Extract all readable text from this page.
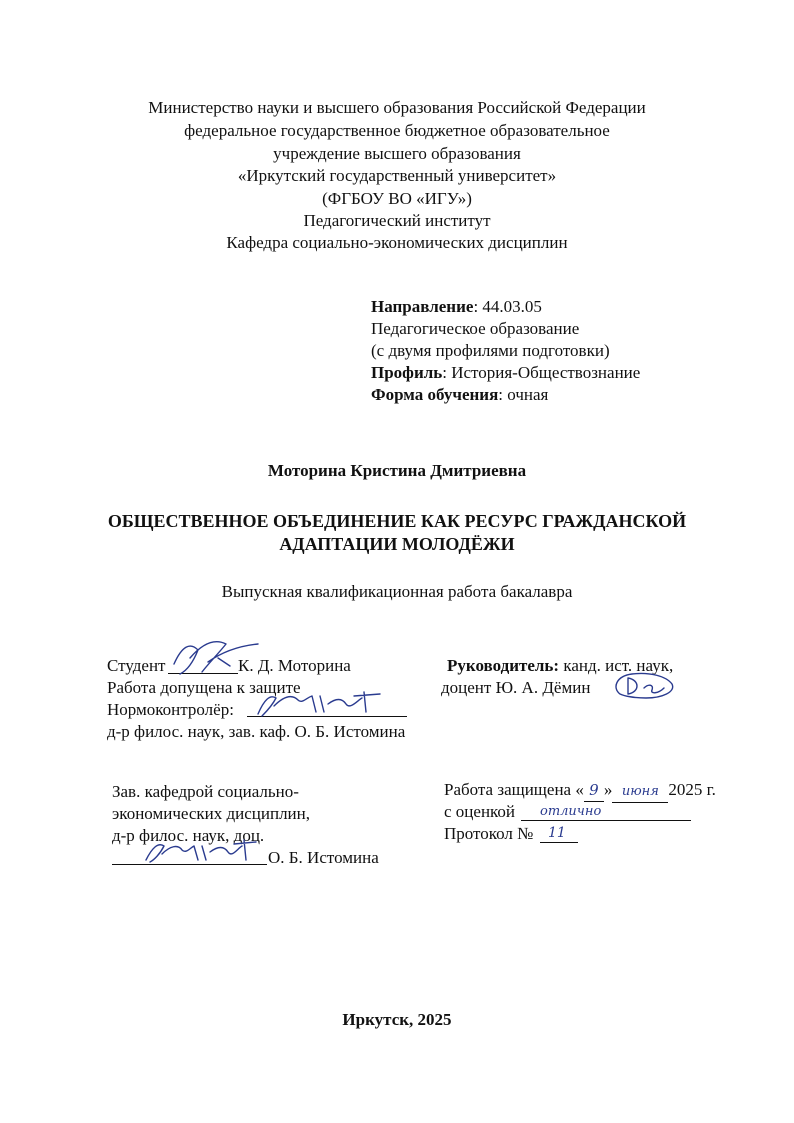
Министерство науки и высшего образования Российской Федерации
федеральное государственное бюджетное образовательное
учреждение высшего образования
«Иркутский государственный университет»
(ФГБОУ ВО «ИГУ»)
Педагогический институт
Кафедра социально-экономических дисциплин
Направление: 44.03.05
Педагогическое образование
(с двумя профилями подготовки)
Профиль: История-Обществознание
Форма обучения: очная
Моторина Кристина Дмитриевна
ОБЩЕСТВЕННОЕ ОБЪЕДИНЕНИЕ КАК РЕСУРС ГРАЖДАНСКОЙ
АДАПТАЦИИ МОЛОДЁЖИ
Выпускная квалификационная работа бакалавра
Студент	К. Д. Моторина
Работа допущена к защите
Нормоконтролёр:
д-р филос. наук, зав. каф. О. Б. Истомина
Руководитель: канд. ист. наук,
доцент Ю. А. Дёмин
Зав. кафедрой социально-
экономических дисциплин,
д-р филос. наук, доц.
О. Б. Истомина
Работа защищена « 9 » июня 2025 г.
с оценкой отлично
Протокол № 11
Иркутск, 2025
